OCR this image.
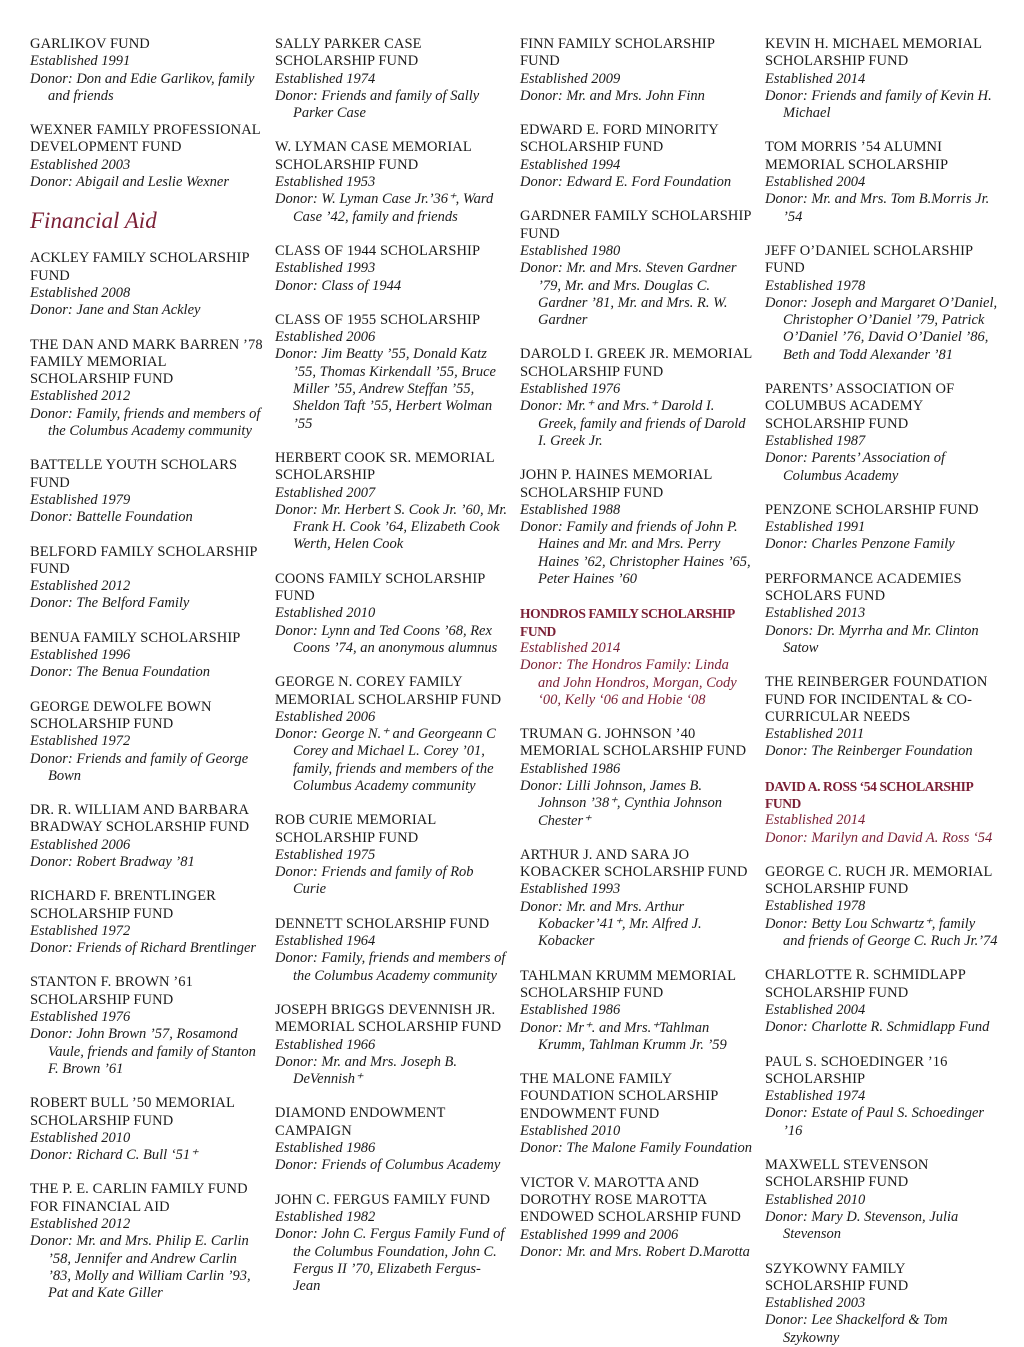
GARLIKOV FUND
Established 1991
Donor: Don and Edie Garlikov, family and friends
WEXNER FAMILY PROFESSIONAL DEVELOPMENT FUND
Established 2003
Donor: Abigail and Leslie Wexner
Financial Aid
ACKLEY FAMILY SCHOLARSHIP FUND
Established 2008
Donor: Jane and Stan Ackley
THE DAN AND MARK BARREN ’78 FAMILY MEMORIAL SCHOLARSHIP FUND
Established 2012
Donor: Family, friends and members of the Columbus Academy community
BATTELLE YOUTH SCHOLARS FUND
Established 1979
Donor: Battelle Foundation
BELFORD FAMILY SCHOLARSHIP FUND
Established 2012
Donor: The Belford Family
BENUA FAMILY SCHOLARSHIP
Established 1996
Donor: The Benua Foundation
GEORGE DEWOLFE BOWN SCHOLARSHIP FUND
Established 1972
Donor: Friends and family of George Bown
DR. R. WILLIAM AND BARBARA BRADWAY SCHOLARSHIP FUND
Established 2006
Donor: Robert Bradway ’81
RICHARD F. BRENTLINGER SCHOLARSHIP FUND
Established 1972
Donor: Friends of Richard Brentlinger
STANTON F. BROWN ’61 SCHOLARSHIP FUND
Established 1976
Donor: John Brown ’57, Rosamond Vaule, friends and family of Stanton F. Brown ’61
ROBERT BULL ’50 MEMORIAL SCHOLARSHIP FUND
Established 2010
Donor: Richard C. Bull ‘51⁺
THE P. E. CARLIN FAMILY FUND FOR FINANCIAL AID
Established 2012
Donor: Mr. and Mrs. Philip E. Carlin ’58, Jennifer and Andrew Carlin ’83, Molly and William Carlin ’93, Pat and Kate Giller
SALLY PARKER CASE SCHOLARSHIP FUND
Established 1974
Donor: Friends and family of Sally Parker Case
W. LYMAN CASE MEMORIAL SCHOLARSHIP FUND
Established 1953
Donor: W. Lyman Case Jr.’36⁺, Ward Case ’42, family and friends
CLASS OF 1944 SCHOLARSHIP
Established 1993
Donor: Class of 1944
CLASS OF 1955 SCHOLARSHIP
Established 2006
Donor: Jim Beatty ’55, Donald Katz ’55, Thomas Kirkendall ’55, Bruce Miller ’55, Andrew Steffan ’55, Sheldon Taft ’55, Herbert Wolman ’55
HERBERT COOK SR. MEMORIAL SCHOLARSHIP
Established 2007
Donor: Mr. Herbert S. Cook Jr. ’60, Mr. Frank H. Cook ’64, Elizabeth Cook Werth, Helen Cook
COONS FAMILY SCHOLARSHIP FUND
Established 2010
Donor: Lynn and Ted Coons ’68, Rex Coons ’74, an anonymous alumnus
GEORGE N. COREY FAMILY MEMORIAL SCHOLARSHIP FUND
Established 2006
Donor: George N.⁺ and Georgeann C Corey and Michael L. Corey ’01, family, friends and members of the Columbus Academy community
ROB CURIE MEMORIAL SCHOLARSHIP FUND
Established 1975
Donor: Friends and family of Rob Curie
DENNETT SCHOLARSHIP FUND
Established 1964
Donor: Family, friends and members of the Columbus Academy community
JOSEPH BRIGGS DEVENNISH JR. MEMORIAL SCHOLARSHIP FUND
Established 1966
Donor: Mr. and Mrs. Joseph B. DeVennish⁺
DIAMOND ENDOWMENT CAMPAIGN
Established 1986
Donor: Friends of Columbus Academy
JOHN C. FERGUS FAMILY FUND
Established 1982
Donor: John C. Fergus Family Fund of the Columbus Foundation, John C. Fergus II ’70, Elizabeth Fergus-Jean
FINN FAMILY SCHOLARSHIP FUND
Established 2009
Donor: Mr. and Mrs. John Finn
EDWARD E. FORD MINORITY SCHOLARSHIP FUND
Established 1994
Donor: Edward E. Ford Foundation
GARDNER FAMILY SCHOLARSHIP FUND
Established 1980
Donor: Mr. and Mrs. Steven Gardner ’79, Mr. and Mrs. Douglas C. Gardner ’81, Mr. and Mrs. R. W. Gardner
DAROLD I. GREEK JR. MEMORIAL SCHOLARSHIP FUND
Established 1976
Donor: Mr.⁺ and Mrs.⁺ Darold I. Greek, family and friends of Darold I. Greek Jr.
JOHN P. HAINES MEMORIAL SCHOLARSHIP FUND
Established 1988
Donor: Family and friends of John P. Haines and Mr. and Mrs. Perry Haines ’62, Christopher Haines ’65, Peter Haines ’60
HONDROS FAMILY SCHOLARSHIP FUND
Established 2014
Donor: The Hondros Family: Linda and John Hondros, Morgan, Cody ‘00, Kelly ‘06 and Hobie ‘08
TRUMAN G. JOHNSON ’40 MEMORIAL SCHOLARSHIP FUND
Established 1986
Donor: Lilli Johnson, James B. Johnson ’38⁺, Cynthia Johnson Chester⁺
ARTHUR J. AND SARA JO KOBACKER SCHOLARSHIP FUND
Established 1993
Donor: Mr. and Mrs. Arthur Kobacker’41⁺, Mr. Alfred J. Kobacker
TAHLMAN KRUMM MEMORIAL SCHOLARSHIP FUND
Established 1986
Donor: Mr⁺. and Mrs.⁺Tahlman Krumm, Tahlman Krumm Jr. ’59
THE MALONE FAMILY FOUNDATION SCHOLARSHIP ENDOWMENT FUND
Established 2010
Donor: The Malone Family Foundation
VICTOR V. MAROTTA AND DOROTHY ROSE MAROTTA ENDOWED SCHOLARSHIP FUND
Established 1999 and 2006
Donor: Mr. and Mrs. Robert D.Marotta
KEVIN H. MICHAEL MEMORIAL SCHOLARSHIP FUND
Established 2014
Donor: Friends and family of Kevin H. Michael
TOM MORRIS ’54 ALUMNI MEMORIAL SCHOLARSHIP
Established 2004
Donor: Mr. and Mrs. Tom B.Morris Jr. ’54
JEFF O’DANIEL SCHOLARSHIP FUND
Established 1978
Donor: Joseph and Margaret O’Daniel, Christopher O’Daniel ’79, Patrick O’Daniel ’76, David O’Daniel ’86, Beth and Todd Alexander ’81
PARENTS’ ASSOCIATION OF COLUMBUS ACADEMY SCHOLARSHIP FUND
Established 1987
Donor: Parents’ Association of Columbus Academy
PENZONE SCHOLARSHIP FUND
Established 1991
Donor: Charles Penzone Family
PERFORMANCE ACADEMIES SCHOLARS FUND
Established 2013
Donors: Dr. Myrrha and Mr. Clinton Satow
THE REINBERGER FOUNDATION FUND FOR INCIDENTAL & CO-CURRICULAR NEEDS
Established 2011
Donor: The Reinberger Foundation
DAVID A. ROSS ‘54 SCHOLARSHIP FUND
Established 2014
Donor: Marilyn and David A. Ross ‘54
GEORGE C. RUCH JR. MEMORIAL SCHOLARSHIP FUND
Established 1978
Donor: Betty Lou Schwartz⁺, family and friends of George C. Ruch Jr.’74
CHARLOTTE R. SCHMIDLAPP SCHOLARSHIP FUND
Established 2004
Donor: Charlotte R. Schmidlapp Fund
PAUL S. SCHOEDINGER ’16 SCHOLARSHIP
Established 1974
Donor: Estate of Paul S. Schoedinger ’16
MAXWELL STEVENSON SCHOLARSHIP FUND
Established 2010
Donor: Mary D. Stevenson, Julia Stevenson
SZYKOWNY FAMILY SCHOLARSHIP FUND
Established 2003
Donor: Lee Shackelford & Tom Szykowny
